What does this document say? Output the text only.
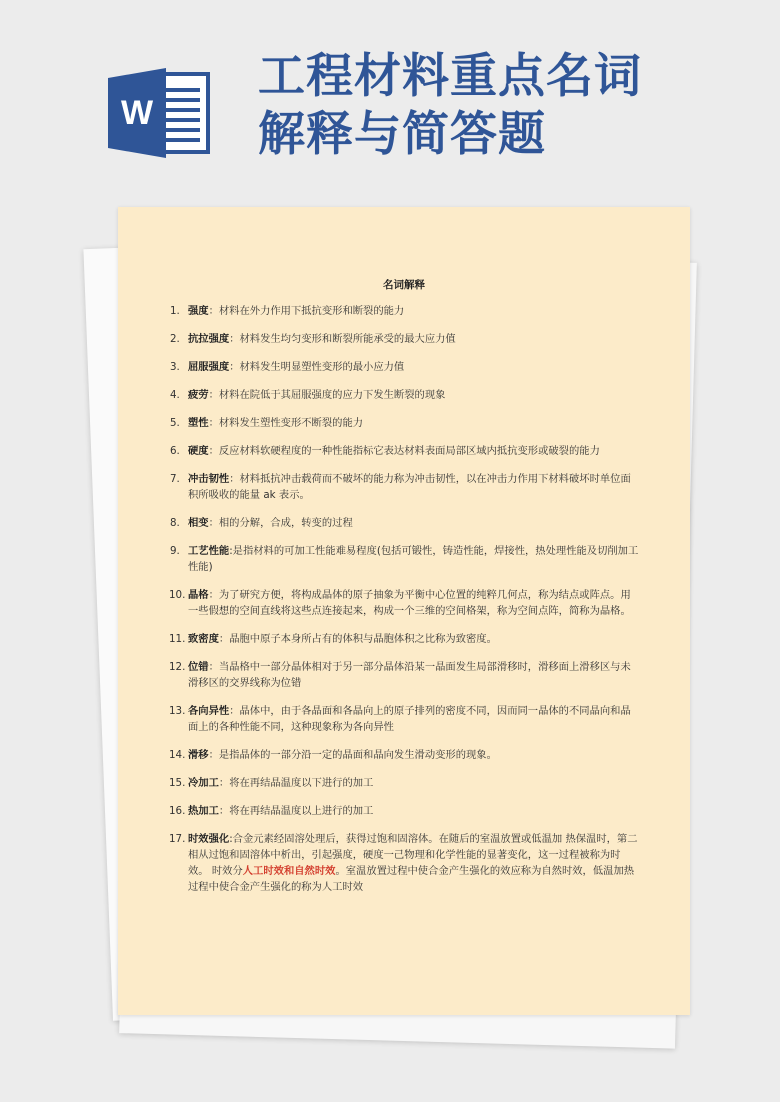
W
工程材料重点名词
解释与简答题
名词解释
1. 强度：材料在外力作用下抵抗变形和断裂的能力
2. 抗拉强度：材料发生均匀变形和断裂所能承受的最大应力值
3. 屈服强度：材料发生明显塑性变形的最小应力值
4. 疲劳：材料在院低于其屈服强度的应力下发生断裂的现象
5. 塑性：材料发生塑性变形不断裂的能力
6. 硬度：反应材料软硬程度的一种性能指标它表达材料表面局部区域内抵抗变形或破裂的能力
7. 冲击韧性：材料抵抗冲击载荷而不破坏的能力称为冲击韧性，以在冲击力作用下材料破坏时单位面积所吸收的能量 ak 表示。
8. 相变：相的分解，合成，转变的过程
9. 工艺性能:是指材料的可加工性能难易程度(包括可锻性，铸造性能，焊接性，热处理性能及切削加工性能)
10. 晶格：为了研究方便，将构成晶体的原子抽象为平衡中心位置的纯粹几何点，称为结点或阵点。用一些假想的空间直线将这些点连接起来，构成一个三维的空间格架，称为空间点阵，简称为晶格。
11. 致密度：晶胞中原子本身所占有的体积与晶胞体积之比称为致密度。
12. 位错：当晶格中一部分晶体相对于另一部分晶体沿某一晶面发生局部滑移时，滑移面上滑移区与未滑移区的交界线称为位错
13. 各向异性：晶体中，由于各晶面和各晶向上的原子排列的密度不同，因而同一晶体的不同晶向和晶面上的各种性能不同，这种现象称为各向异性
14. 滑移：是指晶体的一部分沿一定的晶面和晶向发生滑动变形的现象。
15. 冷加工：将在再结晶温度以下进行的加工
16. 热加工：将在再结晶温度以上进行的加工
17. 时效强化:合金元素经固溶处理后，获得过饱和固溶体。在随后的室温放置或低温加 热保温时，第二相从过饱和固溶体中析出，引起强度，硬度一己物理和化学性能的显著变化，这一过程被称为时效。 时效分人工时效和自然时效。室温放置过程中使合金产生强化的效应称为自然时效，低温加热过程中使合金产生强化的称为人工时效
